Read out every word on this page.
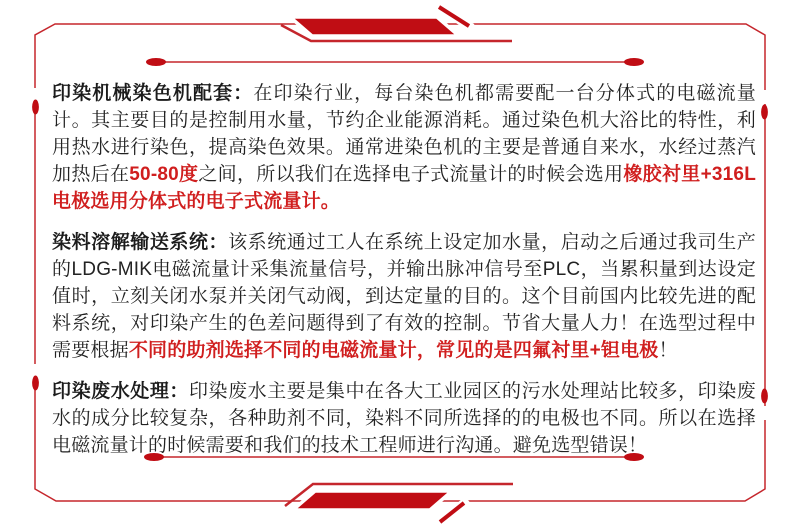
印染机械染色机配套：在印染行业，每台染色机都需要配一台分体式的电磁流量计。其主要目的是控制用水量，节约企业能源消耗。通过染色机大浴比的特性，利用热水进行染色，提高染色效果。通常进染色机的主要是普通自来水，水经过蒸汽加热后在50-80度之间，所以我们在选择电子式流量计的时候会选用橡胶衬里+316L电极选用分体式的电子式流量计。

染料溶解输送系统：该系统通过工人在系统上设定加水量，启动之后通过我司生产的LDG-MIK电磁流量计采集流量信号，并输出脉冲信号至PLC，当累积量到达设定值时，立刻关闭水泵并关闭气动阀，到达定量的目的。这个目前国内比较先进的配料系统，对印染产生的色差问题得到了有效的控制。节省大量人力！在选型过程中需要根据不同的助剂选择不同的电磁流量计，常见的是四氟衬里+钽电极！

印染废水处理：印染废水主要是集中在各大工业园区的污水处理站比较多，印染废水的成分比较复杂，各种助剂不同，染料不同所选择的的电极也不同。所以在选择电磁流量计的时候需要和我们的技术工程师进行沟通。避免选型错误！
